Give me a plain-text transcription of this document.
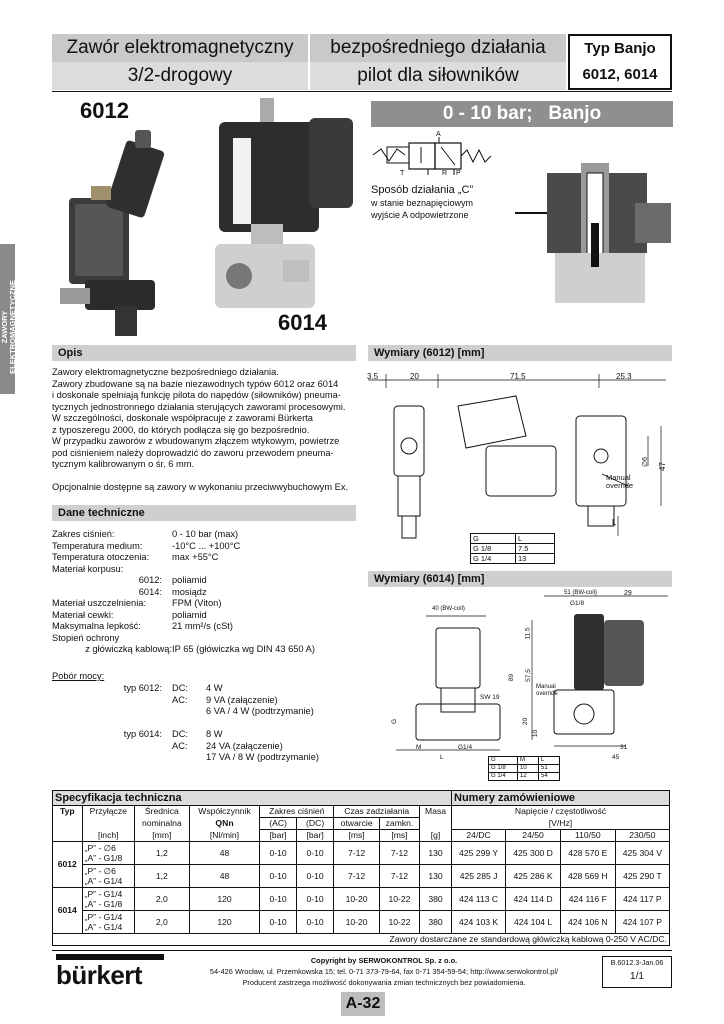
Zawór elektromagnetyczny
3/2-drogowy
bezpośredniego działania
pilot dla siłowników
Typ Banjo
6012, 6014
ZAWORY ELEKTROMAGNETYCZNE 3/2-drogowe
6012
6014
0 - 10 bar;   Banjo
A
T	R P
Sposób działania „C”
w stanie beznapięciowym
wyjście A odpowietrzone
Opis
Zawory elektromagnetyczne bezpośredniego działania.
Zawory zbudowane są na bazie niezawodnych typów 6012 oraz 6014
i doskonale spełniają funkcję pilota do napędów (siłowników) pneuma-
tycznych jednostronnego działania sterujących zaworami procesowymi.
W szczególności, doskonale współpracuje z zaworami Bürkerta
z typoszeregu 2000, do których podłącza się go bezpośrednio.
W przypadku zaworów z wbudowanym złączem wtykowym, powietrze
pod ciśnieniem należy doprowadzić do zaworu przewodem pneuma-
tycznym kalibrowanym o śr. 6 mm.
Opcjonalnie dostępne są zawory w wykonaniu przeciwwybuchowym Ex.
Dane techniczne
Zakres ciśnień:	0 - 10 bar (max)
Temperatura medium:	-10°C ... +100°C
Temperatura otoczenia: max +55°C
Materiał korpusu:
6012: poliamid
6014: mosiądz
Materiał uszczelnienia:	FPM (Viton)
Materiał cewki:	poliamid
Maksymalna lepkość:	21 mm²/s (cSt)
Stopień ochrony
z główiczką kablową: IP 65 (główiczka wg DIN 43 650 A)
Pobór mocy:
typ 6012: DC: 4 W
AC: 9 VA (załączenie)
6 VA / 4 W (podtrzymanie)
typ 6014: DC: 8 W
AC: 24 VA (załączenie)
17 VA / 8 W (podtrzymanie)
Wymiary (6012) [mm]
3.5	20	71.5	25.3
∅6 47
L
Manual
override
G	L
G 1/8	7.5
G 1/4	13
Wymiary (6014) [mm]
51 (BW-coil)	29
G1/8
40 (BW-coil)
11.5
89 57.5
SW 19
20
10
31
45
M	G1/4
L
G
Manual
override
G	M	L
G 1/8	10	51
G 1/4	12	54
Specyfikacja techniczna									Numery zamówieniowe			
Typ	Przyłącze	Średnica	Współczynnik	Zakres ciśnień		Czas zadziałania		Masa	Napięcie / częstotliwość			
		nominalna	QNn	(AC)	(DC)	otwarcie	zamkn.		[V/Hz]			
	[inch]	[mm]	[Nl/min]	[bar]	[bar]	[ms]	[ms]	[g]	24/DC	24/50	110/50	230/50
6012	„P” - ∅6
„A” - G1/8	1,2	48	0-10	0-10	7-12	7-12	130	425 299 Y	425 300 D	428 570 E	425 304 V

	„P” - ∅6
„A” - G1/4	1,2	48	0-10	0-10	7-12	7-12	130	425 285 J	425 286 K	428 569 H	425 290 T
6014	„P” - G1/4
„A” - G1/8	2,0	120	0-10	0-10	10-20	10-22	380	424 113 C	424 114 D	424 116 F	424 117 P

	„P” - G1/4
„A” - G1/4	2,0	120	0-10	0-10	10-20	10-22	380	424 103 K	424 104 L	424 106 N	424 107 P
Zawory dostarczane ze standardową główiczką kablową 0-250 V AC/DC.												
bürkert	Copyright by SERWOKONTROL Sp. z o.o.
54-426 Wrocław, ul. Przemkowska 15; tel. 0-71 373-79-64, fax 0-71 354-59-54; http://www.serwokontrol.pl/
Producent zastrzega możliwość dokonywania zmian technicznych bez powiadomienia.
B.6012.3-Jan.06
1/1
A-32
